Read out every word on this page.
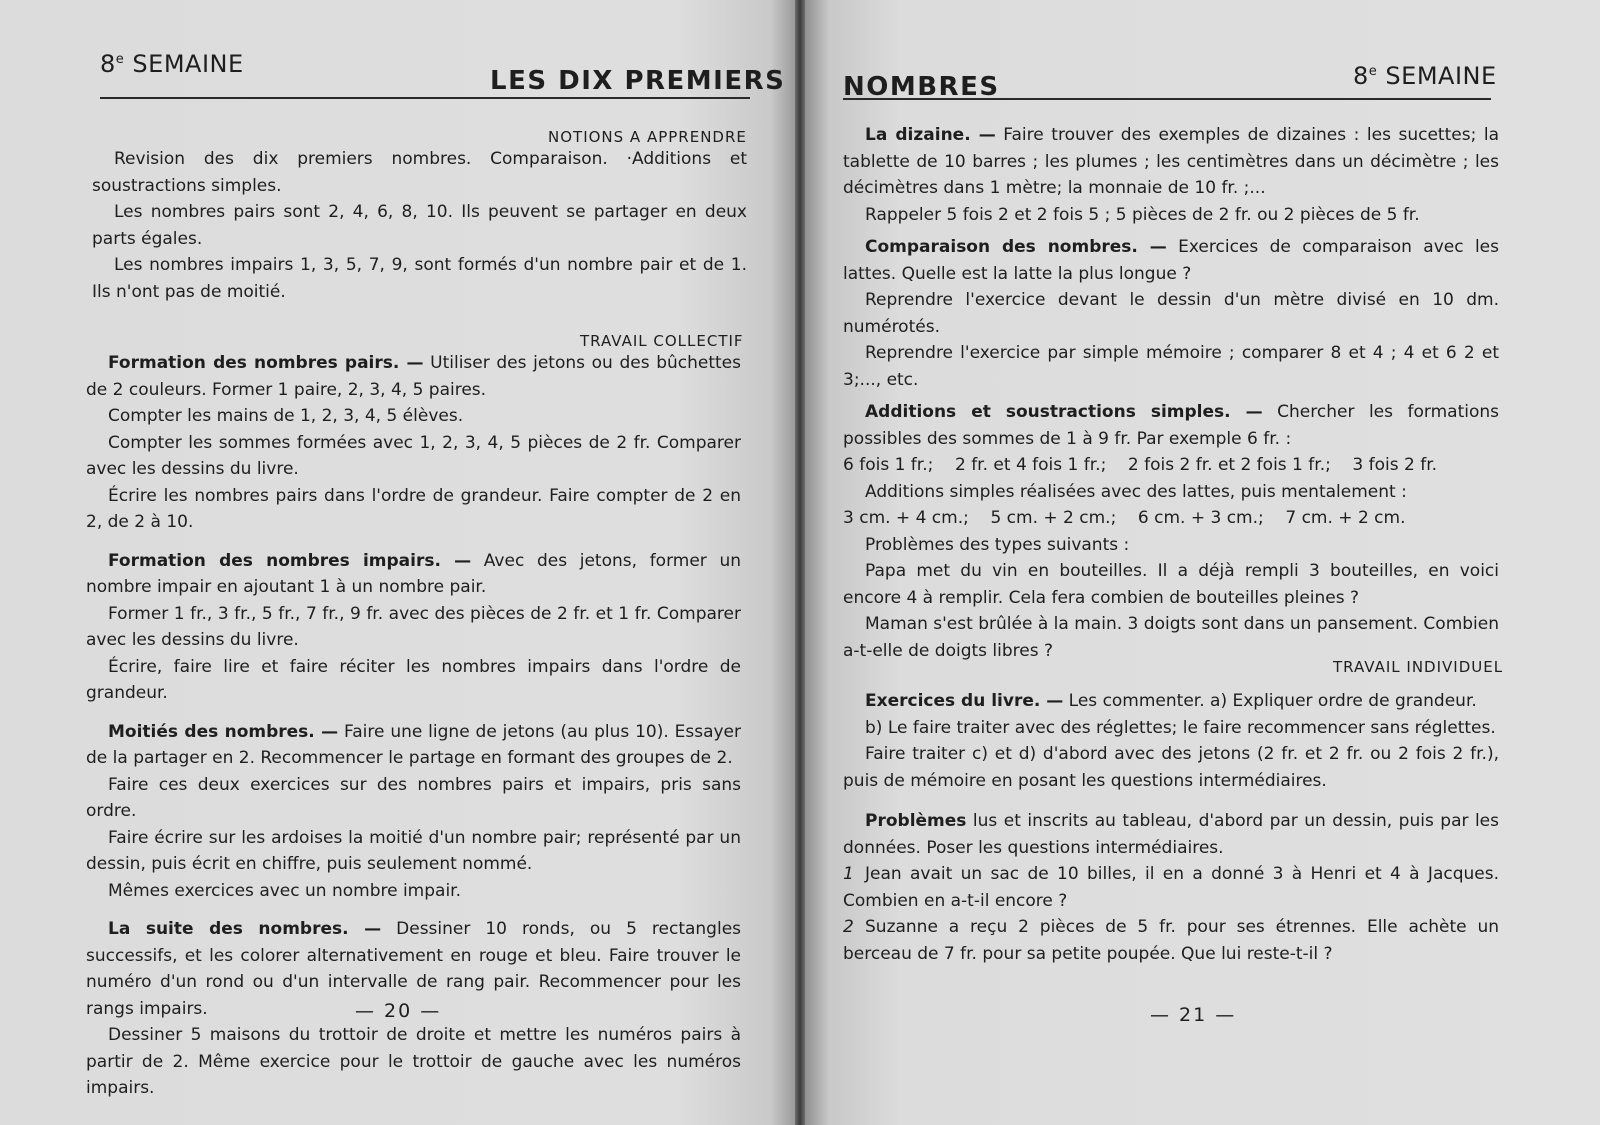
8e SEMAINE
LES DIX PREMIERS
NOTIONS A APPRENDRE

Revision des dix premiers nombres. Comparaison. ·Additions et soustractions simples.

Les nombres pairs sont 2, 4, 6, 8, 10. Ils peuvent se partager en deux parts égales.

Les nombres impairs 1, 3, 5, 7, 9, sont formés d'un nombre pair et de 1. Ils n'ont pas de moitié.

TRAVAIL COLLECTIF

Formation des nombres pairs. — Utiliser des jetons ou des bûchettes de 2 couleurs. Former 1 paire, 2, 3, 4, 5 paires.

Compter les mains de 1, 2, 3, 4, 5 élèves.

Compter les sommes formées avec 1, 2, 3, 4, 5 pièces de 2 fr. Comparer avec les dessins du livre.

Écrire les nombres pairs dans l'ordre de grandeur. Faire compter de 2 en 2, de 2 à 10.

Formation des nombres impairs. — Avec des jetons, former un nombre impair en ajoutant 1 à un nombre pair.

Former 1 fr., 3 fr., 5 fr., 7 fr., 9 fr. avec des pièces de 2 fr. et 1 fr. Comparer avec les dessins du livre.

Écrire, faire lire et faire réciter les nombres impairs dans l'ordre de grandeur.

Moitiés des nombres. — Faire une ligne de jetons (au plus 10). Essayer de la partager en 2. Recommencer le partage en formant des groupes de 2.

Faire ces deux exercices sur des nombres pairs et impairs, pris sans ordre.

Faire écrire sur les ardoises la moitié d'un nombre pair; représenté par un dessin, puis écrit en chiffre, puis seulement nommé.

Mêmes exercices avec un nombre impair.

La suite des nombres. — Dessiner 10 ronds, ou 5 rectangles successifs, et les colorer alternativement en rouge et bleu. Faire trouver le numéro d'un rond ou d'un intervalle de rang pair. Recommencer pour les rangs impairs.

Dessiner 5 maisons du trottoir de droite et mettre les numéros pairs à partir de 2. Même exercice pour le trottoir de gauche avec les numéros impairs.

— 20 —
NOMBRES	8e SEMAINE

La dizaine. — Faire trouver des exemples de dizaines : les sucettes; la tablette de 10 barres ; les plumes ; les centimètres dans un décimètre ; les décimètres dans 1 mètre; la monnaie de 10 fr. ;...

Rappeler 5 fois 2 et 2 fois 5 ; 5 pièces de 2 fr. ou 2 pièces de 5 fr.

Comparaison des nombres. — Exercices de comparaison avec les lattes. Quelle est la latte la plus longue ?

Reprendre l'exercice devant le dessin d'un mètre divisé en 10 dm. numérotés.

Reprendre l'exercice par simple mémoire ; comparer 8 et 4 ; 4 et 6 2 et 3;..., etc.

Additions et soustractions simples. — Chercher les formations possibles des sommes de 1 à 9 fr. Par exemple 6 fr. :

6 fois 1 fr.;    2 fr. et 4 fois 1 fr.;    2 fois 2 fr. et 2 fois 1 fr.;    3 fois 2 fr.

Additions simples réalisées avec des lattes, puis mentalement :

3 cm. + 4 cm.;    5 cm. + 2 cm.;    6 cm. + 3 cm.;    7 cm. + 2 cm.

Problèmes des types suivants :

Papa met du vin en bouteilles. Il a déjà rempli 3 bouteilles, en voici encore 4 à remplir. Cela fera combien de bouteilles pleines ?

Maman s'est brûlée à la main. 3 doigts sont dans un pansement. Combien a-t-elle de doigts libres ?

TRAVAIL INDIVIDUEL

Exercices du livre. — Les commenter. a) Expliquer ordre de grandeur.

b) Le faire traiter avec des réglettes; le faire recommencer sans réglettes.

Faire traiter c) et d) d'abord avec des jetons (2 fr. et 2 fr. ou 2 fois 2 fr.), puis de mémoire en posant les questions intermédiaires.

Problèmes lus et inscrits au tableau, d'abord par un dessin, puis par les données. Poser les questions intermédiaires.

1 Jean avait un sac de 10 billes, il en a donné 3 à Henri et 4 à Jacques. Combien en a-t-il encore ?

2 Suzanne a reçu 2 pièces de 5 fr. pour ses étrennes. Elle achète un berceau de 7 fr. pour sa petite poupée. Que lui reste-t-il ?

— 21 —
